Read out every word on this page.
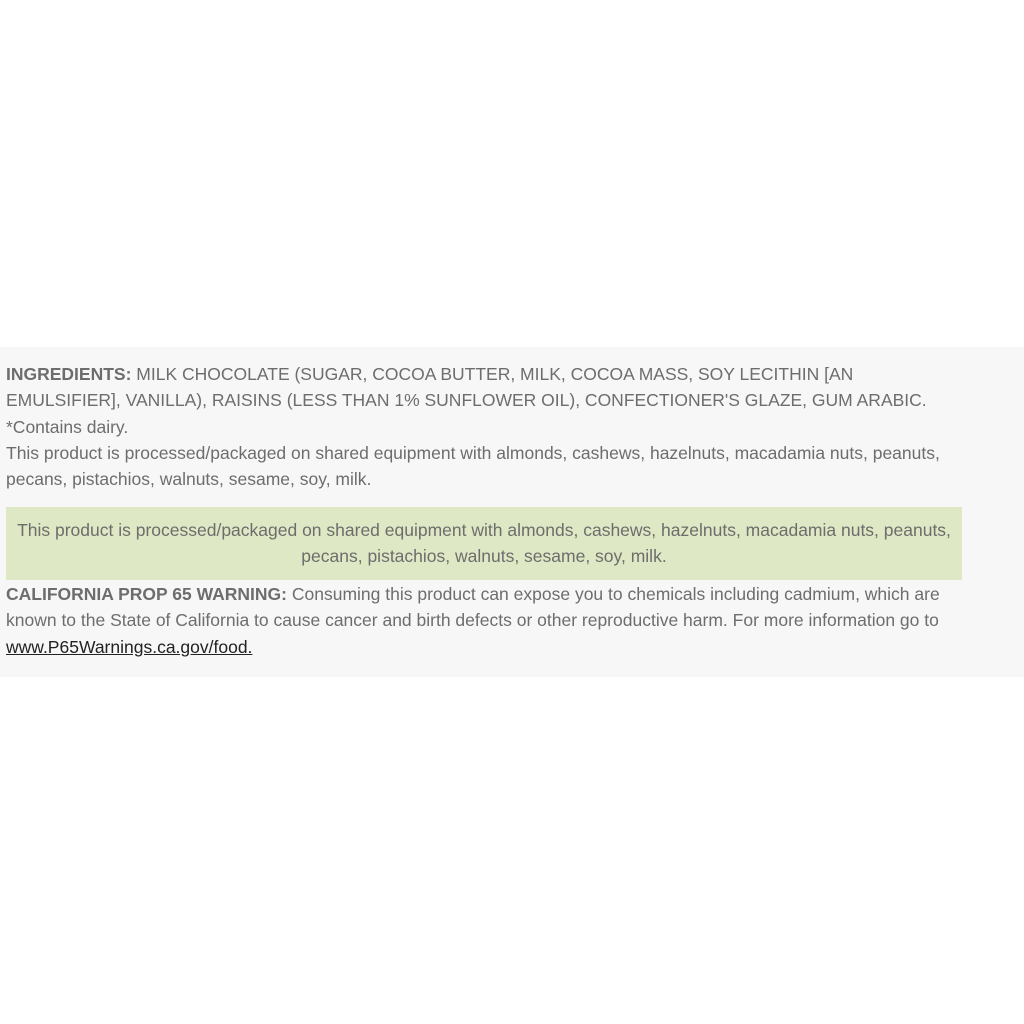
INGREDIENTS: MILK CHOCOLATE (SUGAR, COCOA BUTTER, MILK, COCOA MASS, SOY LECITHIN [AN EMULSIFIER], VANILLA), RAISINS (LESS THAN 1% SUNFLOWER OIL), CONFECTIONER'S GLAZE, GUM ARABIC.

*Contains dairy.

This product is processed/packaged on shared equipment with almonds, cashews, hazelnuts, macadamia nuts, peanuts, pecans, pistachios, walnuts, sesame, soy, milk.

This product is processed/packaged on shared equipment with almonds, cashews, hazelnuts, macadamia nuts, peanuts, pecans, pistachios, walnuts, sesame, soy, milk.
CALIFORNIA PROP 65 WARNING: Consuming this product can expose you to chemicals including cadmium, which are known to the State of California to cause cancer and birth defects or other reproductive harm. For more information go to www.P65Warnings.ca.gov/food.
